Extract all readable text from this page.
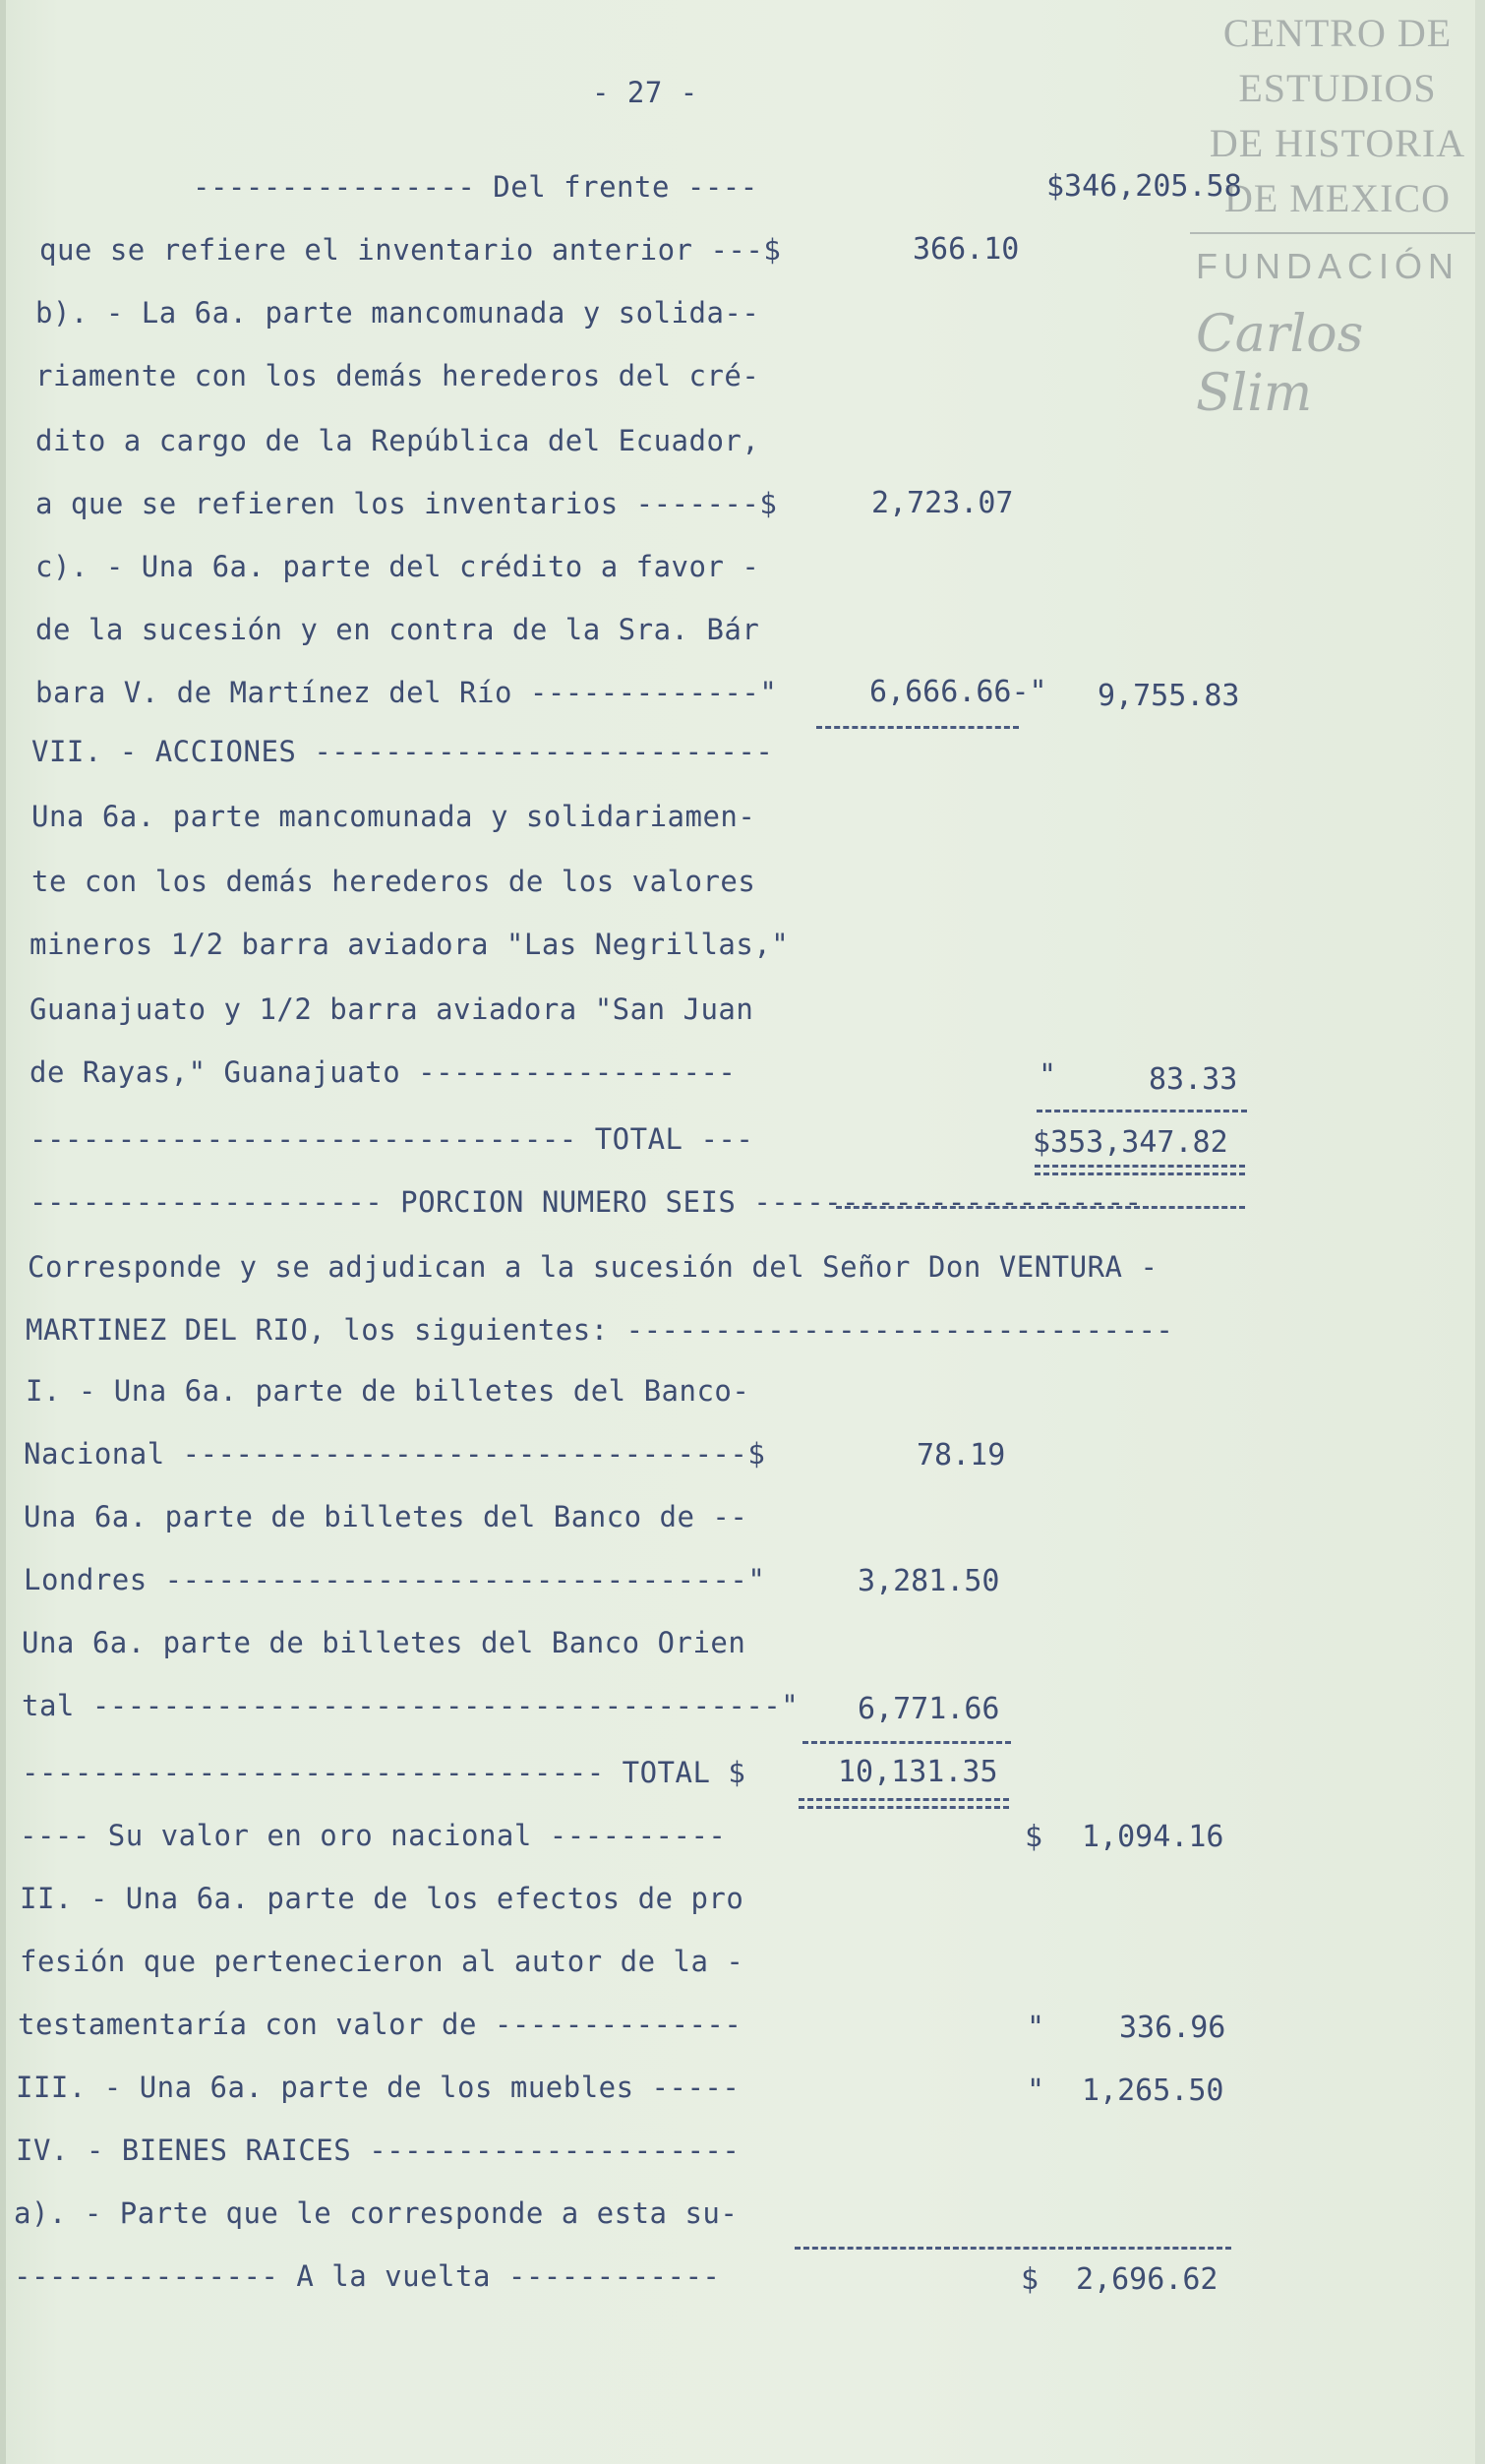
CENTRO DE
ESTUDIOS
DE HISTORIA
DE MEXICO
FUNDACIÓN
Carlos Slim
- 27 -
---------------- Del frente ----
que se refiere el inventario anterior ---$
b). - La 6a. parte mancomunada y solida--
riamente con los demás herederos del cré-
dito a cargo de la República del Ecuador,
a que se refieren los inventarios -------$
c). - Una 6a. parte del crédito a favor -
de la sucesión y en contra de la Sra. Bár
bara V. de Martínez del Río -------------"
VII. - ACCIONES --------------------------
Una 6a. parte mancomunada y solidariamen-
te con los demás herederos de los valores
mineros 1/2 barra aviadora "Las Negrillas,"
Guanajuato y 1/2 barra aviadora "San Juan
de Rayas," Guanajuato ------------------
------------------------------- TOTAL ---
-------------------- PORCION NUMERO SEIS ----------------------
Corresponde y se adjudican a la sucesión del Señor Don VENTURA -
MARTINEZ DEL RIO, los siguientes: -------------------------------
I. - Una 6a. parte de billetes del Banco-
Nacional --------------------------------$
Una 6a. parte de billetes del Banco de --
Londres ---------------------------------"
Una 6a. parte de billetes del Banco Orien
tal ---------------------------------------"
--------------------------------- TOTAL $
---- Su valor en oro nacional ----------
II. - Una 6a. parte de los efectos de pro
fesión que pertenecieron al autor de la -
testamentaría con valor de --------------
III. - Una 6a. parte de los muebles -----
IV. - BIENES RAICES ---------------------
a). - Parte que le corresponde a esta su-
--------------- A la vuelta ------------
$346,205.58
366.10
2,723.07
6,666.66-" 9,755.83
"	83.33
$353,347.82
78.19
3,281.50
6,771.66
10,131.35
$ 1,094.16
"	336.96
" 1,265.50
$ 2,696.62
